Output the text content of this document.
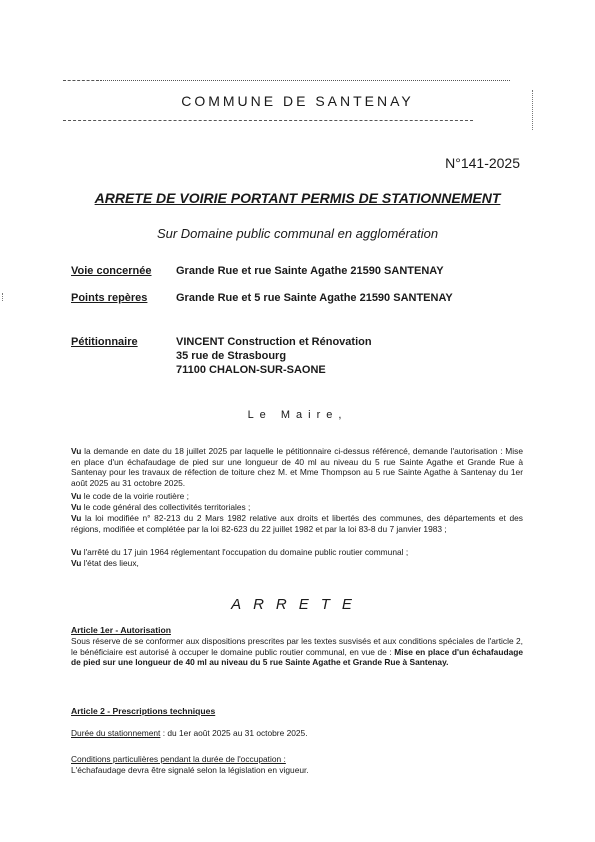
COMMUNE DE SANTENAY
N°141-2025
ARRETE DE VOIRIE PORTANT PERMIS DE STATIONNEMENT
Sur Domaine public communal en agglomération
Voie concernée Grande Rue et rue Sainte Agathe 21590 SANTENAY
Points repères	Grande Rue et 5 rue Sainte Agathe 21590 SANTENAY
Pétitionnaire	VINCENT Construction et Rénovation
35 rue de Strasbourg
71100 CHALON-SUR-SAONE
Le Maire,
Vu la demande en date du 18 juillet 2025 par laquelle le pétitionnaire ci-dessus référencé, demande l'autorisation : Mise en place d'un échafaudage de pied sur une longueur de 40 ml au niveau du 5 rue Sainte Agathe et Grande Rue à Santenay pour les travaux de réfection de toiture chez M. et Mme Thompson au 5 rue Sainte Agathe à Santenay du 1er août 2025 au 31 octobre 2025.
Vu le code de la voirie routière ;
Vu le code général des collectivités territoriales ;
Vu la loi modifiée n° 82-213 du 2 Mars 1982 relative aux droits et libertés des communes, des départements et des régions, modifiée et complétée par la loi 82-623 du 22 juillet 1982 et par la loi 83-8 du 7 janvier 1983 ;
Vu l'arrêté du 17 juin 1964 réglementant l'occupation du domaine public routier communal ;
Vu l'état des lieux,
ARRETE
Article 1er - Autorisation
Sous réserve de se conformer aux dispositions prescrites par les textes susvisés et aux conditions spéciales de l'article 2, le bénéficiaire est autorisé à occuper le domaine public routier communal, en vue de : Mise en place d'un échafaudage de pied sur une longueur de 40 ml au niveau du 5 rue Sainte Agathe et Grande Rue à Santenay.
Article 2 - Prescriptions techniques
Durée du stationnement : du 1er août 2025 au 31 octobre 2025.
Conditions particulières pendant la durée de l'occupation :
L'échafaudage devra être signalé selon la législation en vigueur.
